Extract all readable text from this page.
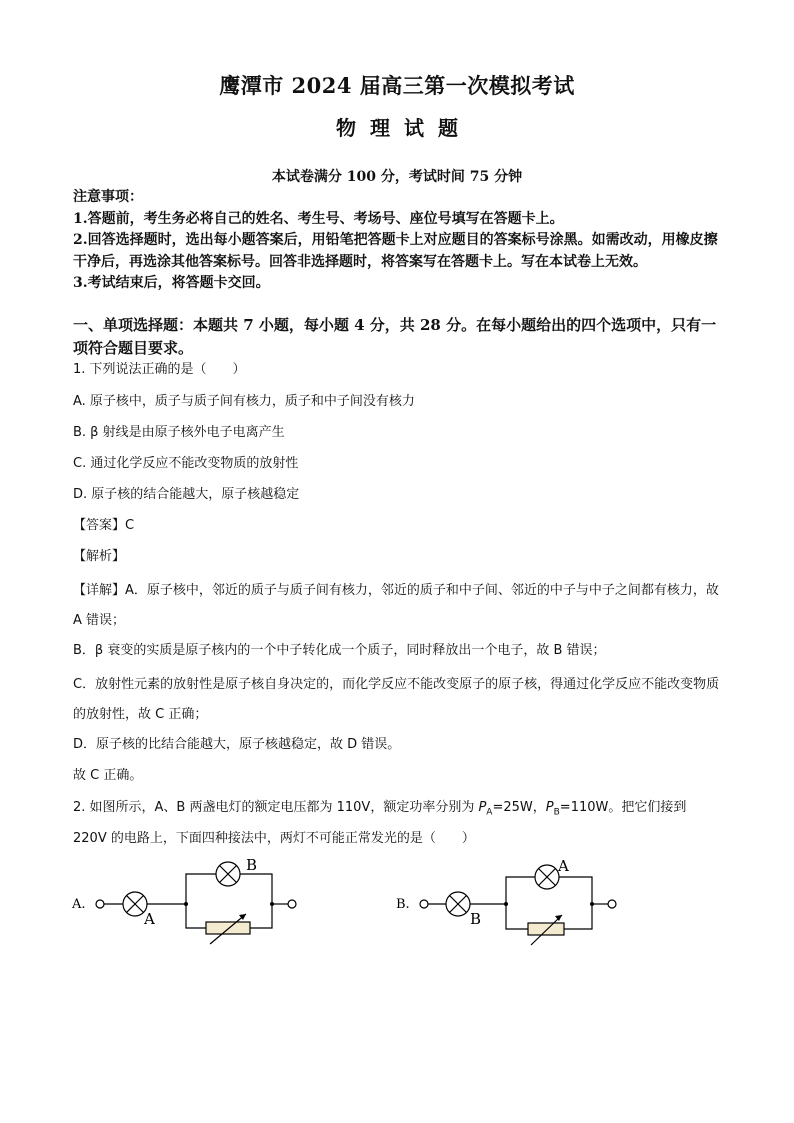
鹰潭市 2024 届高三第一次模拟考试
物理试题
本试卷满分 100 分，考试时间 75 分钟

注意事项：

1.答题前，考生务必将自己的姓名、考生号、考场号、座位号填写在答题卡上。

2.回答选择题时，选出每小题答案后，用铅笔把答题卡上对应题目的答案标号涂黑。如需改动，用橡皮擦干净后，再选涂其他答案标号。回答非选择题时，将答案写在答题卡上。写在本试卷上无效。

3.考试结束后，将答题卡交回。

一、单项选择题：本题共 7 小题，每小题 4 分，共 28 分。在每小题给出的四个选项中，只有一项符合题目要求。
1. 下列说法正确的是（　　）
A. 原子核中，质子与质子间有核力，质子和中子间没有核力
B. β 射线是由原子核外电子电离产生
C. 通过化学反应不能改变物质的放射性
D. 原子核的结合能越大，原子核越稳定
【答案】C
【解析】
【详解】A．原子核中，邻近的质子与质子间有核力，邻近的质子和中子间、邻近的中子与中子之间都有核力，故 A 错误；
B．β 衰变的实质是原子核内的一个中子转化成一个质子，同时释放出一个电子，故 B 错误；
C．放射性元素的放射性是原子核自身决定的，而化学反应不能改变原子的原子核，得通过化学反应不能改变物质的放射性，故 C 正确；
D．原子核的比结合能越大，原子核越稳定，故 D 错误。
故 C 正确。
2. 如图所示，A、B 两盏电灯的额定电压都为 110V，额定功率分别为 $P_A=25W$，$P_B=110W$。把它们接到
220V 的电路上，下面四种接法中，两灯不可能正常发光的是（　　）
A.
A
B
B.
B
A
